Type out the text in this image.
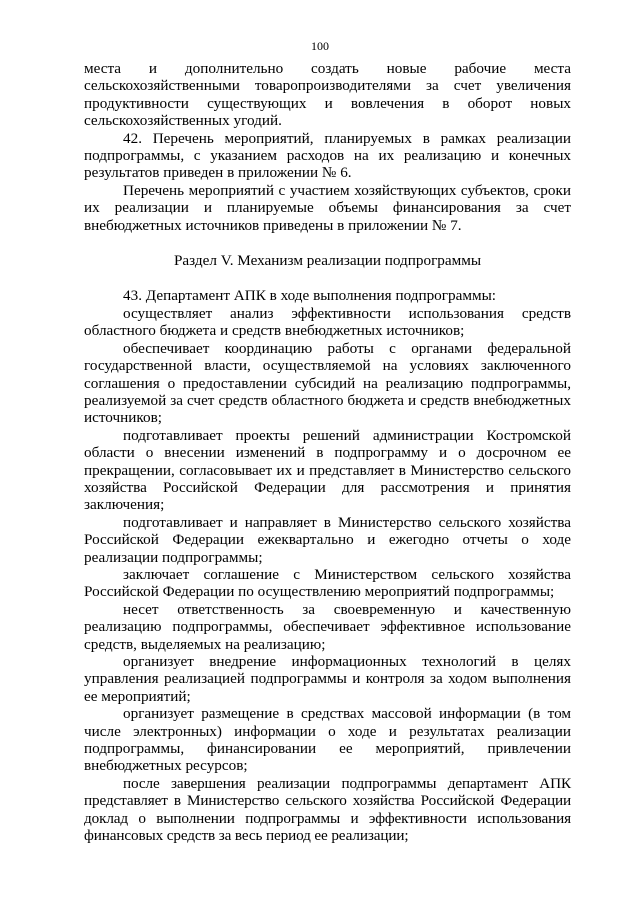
100

места и дополнительно создать новые рабочие места сельскохозяйственными товаропроизводителями за счет увеличения продуктивности существующих и вовлечения в оборот новых сельскохозяйственных угодий.

42. Перечень мероприятий, планируемых в рамках реализации подпрограммы, с указанием расходов на их реализацию и конечных результатов приведен в приложении № 6.

Перечень мероприятий с участием хозяйствующих субъектов, сроки их реализации и планируемые объемы финансирования за счет внебюджетных источников приведены в приложении № 7.

Раздел V. Механизм реализации подпрограммы

43. Департамент АПК в ходе выполнения подпрограммы:

осуществляет анализ эффективности использования средств областного бюджета и средств внебюджетных источников;

обеспечивает координацию работы с органами федеральной государственной власти, осуществляемой на условиях заключенного соглашения о предоставлении субсидий на реализацию подпрограммы, реализуемой за счет средств областного бюджета и средств внебюджетных источников;

подготавливает проекты решений администрации Костромской области о внесении изменений в подпрограмму и о досрочном ее прекращении, согласовывает их и представляет в Министерство сельского хозяйства Российской Федерации для рассмотрения и принятия заключения;

подготавливает и направляет в Министерство сельского хозяйства Российской Федерации ежеквартально и ежегодно отчеты о ходе реализации подпрограммы;

заключает соглашение с Министерством сельского хозяйства Российской Федерации по осуществлению мероприятий подпрограммы;

несет ответственность за своевременную и качественную реализацию подпрограммы, обеспечивает эффективное использование средств, выделяемых на реализацию;

организует внедрение информационных технологий в целях управления реализацией подпрограммы и контроля за ходом выполнения ее мероприятий;

организует размещение в средствах массовой информации (в том числе электронных) информации о ходе и результатах реализации подпрограммы, финансировании ее мероприятий, привлечении внебюджетных ресурсов;

после завершения реализации подпрограммы департамент АПК представляет в Министерство сельского хозяйства Российской Федерации доклад о выполнении подпрограммы и эффективности использования финансовых средств за весь период ее реализации;
